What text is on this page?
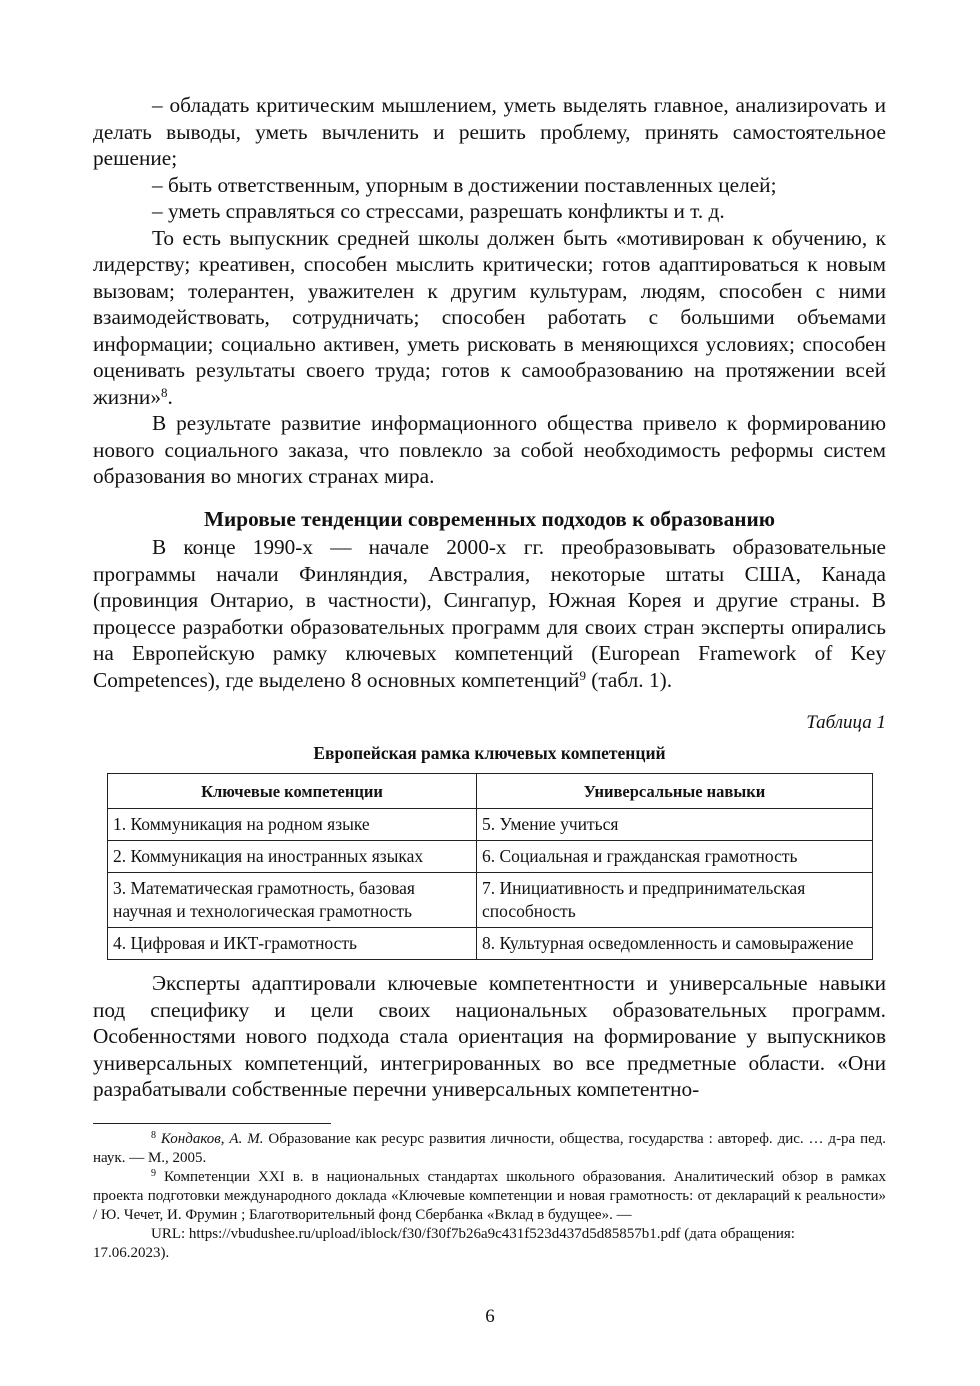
– обладать критическим мышлением, уметь выделять главное, анализироvать и делать выводы, уметь вычленить и решить проблему, принять самостоятельное решение;

– быть ответственным, упорным в достижении поставленных целей;

– уметь справляться со стрессами, разрешать конфликты и т. д.

То есть выпускник средней школы должен быть «мотивирован к обучению, к лидерству; креативен, способен мыслить критически; готов адаптироваться к новым вызовам; толерантен, уважителен к другим культурам, людям, способен с ними взаимодействовать, сотрудничать; способен работать с большими объемами информации; социально активен, уметь рисковать в меняющихся условиях; способен оценивать результаты своего труда; готов к самообразованию на протяжении всей жизни»$^8$.

В результате развитие информационного общества привело к формированию нового социального заказа, что повлекло за собой необходимость реформы систем образования во многих странах мира.

Мировые тенденции современных подходов к образованию

В конце 1990-х — начале 2000-х гг. преобразовывать образовательные программы начали Финляндия, Австралия, некоторые штаты США, Канада (провинция Онтарио, в частности), Сингапур, Южная Корея и другие страны. В процессе разработки образовательных программ для своих стран эксперты опирались на Европейскую рамку ключевых компетенций (European Framework of Key Competences), где выделено 8 основных компетенций$^9$ (табл. 1).

Таблица 1
Европейская рамка ключевых компетенций
Ключевые компетенции	Универсальные навыки
1. Коммуникация на родном языке	5. Умение учиться
2. Коммуникация на иностранных языках	6. Социальная и гражданская грамотность
3. Математическая грамотность, базовая научная и технологическая грамотность	7. Инициативность и предпринимательская способность
4. Цифровая и ИКТ-грамотность	8. Культурная осведомленность и самовыражение

Эксперты адаптировали ключевые компетентности и универсальные навыки под специфику и цели своих национальных образовательных программ. Особенностями нового подхода стала ориентация на формирование у выпускников универсальных компетенций, интегрированных во все предметные области. «Они разрабатывали собственные перечни универсальных компетентно-

$^8$ Кондаков, А. М. Образование как ресурс развития личности, общества, государства : автореф. дис. … д-ра пед. наук. — М., 2005.

$^9$ Компетенции XXI в. в национальных стандартах школьного образования. Аналитический обзор в рамках проекта подготовки международного доклада «Ключевые компетенции и новая грамотность: от деклараций к реальности» / Ю. Чечет, И. Фрумин ; Благотворительный фонд Сбербанка «Вклад в будущее». —

URL: https://vbudushee.ru/upload/iblock/f30/f30f7b26a9c431f523d437d5d85857b1.pdf (дата обращения:

17.06.2023).

6
